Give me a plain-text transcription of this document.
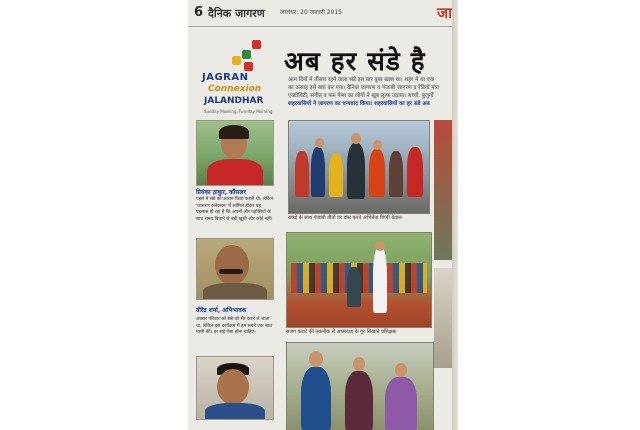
6 दैनिक जागरण	जालंधर: 20 जनवरी 2015	जा
JAGRAN
Connexion
JALANDHAR
Sunday Morning, Fun-day Morning
अब हर संडे है
आम दिनों में तीसरा रहने वाला संडे इस बार कुछ खास था। शहर में था एक
का उत्साह इसे बयां कर गया। दैनिक जागरण व पंजाबी जागरण व रेडियो मंत्रा
एक्टीविटी, संगीत व फन गेम्स का लोगों ने खूब लुत्फ उठाया। बच्चों, बुजुर्गों
शहरवासियों ने जागरण का धन्यवाद किया। शहरवासियों का हर संडे अब
प्रियंका ठाकुर, कौंसलर
पहले में संडे को आराम किया करती थी, लेकिन 'जागरण कनेक्शन' में शामिल होकर यह एहसास हो रहा है कि अपनों और पड़ोसियों के साथ समय बिताने से बड़ी खुशी और कोई नहीं।
वीरेंद्र शर्मा, अभिभावक
अक्सर परिवार को संडे को सैर करने ले जाता था, लेकिन इस कार्यक्रम में हम सबने एक साथ मस्ती की। हर संडे ऐसा होना चाहिए।
बच्चों के साथ पंजाबी गीतों पर डांस करते अभिनेता गिप्पी ग्रेवाल
सजग कराटे की तकनीक से आत्मरक्षा के गुर सिखाते प्रशिक्षक
